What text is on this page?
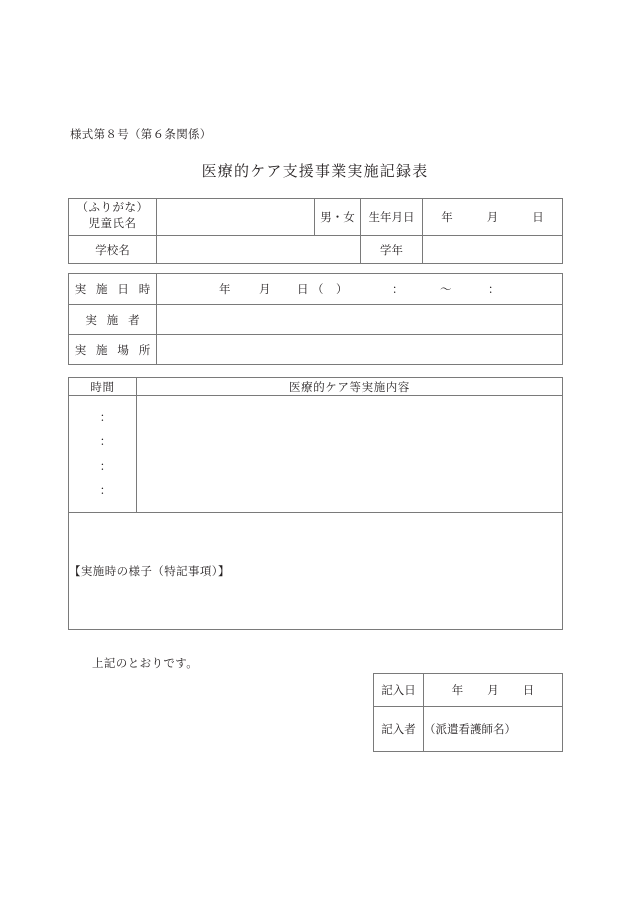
様式第８号（第６条関係）
医療的ケア支援事業実施記録表
（ふりがな）
児童氏名		男・女	生年月日	年 月 日

学校名			学年	
実 施 日 時	年 月 日 （　）	：	～	：

実 施 者	
実 施 場 所	
時間	医療的ケア等実施内容

：
：
：
：	

【実施時の様子（特記事項）】	
上記のとおりです。
記入日	年 月 日

記入者	（派遣看護師名）
